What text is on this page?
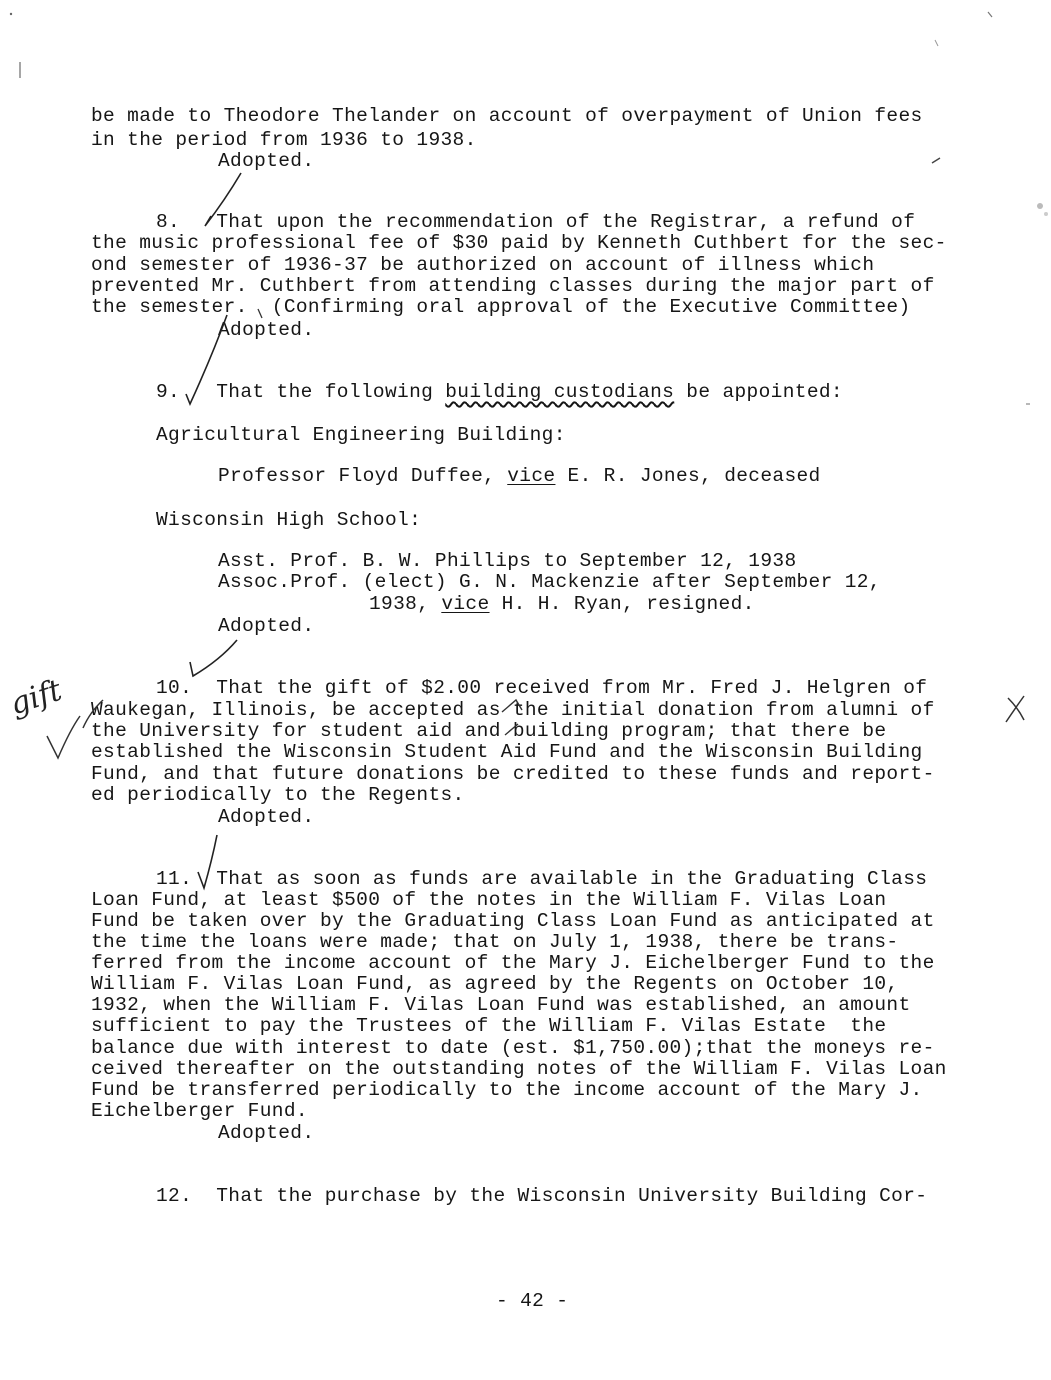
be made to Theodore Thelander on account of overpayment of Union fees
in the period from 1936 to 1938.
Adopted.
8.   That upon the recommendation of the Registrar, a refund of
the music professional fee of $30 paid by Kenneth Cuthbert for the sec-
ond semester of 1936-37 be authorized on account of illness which
prevented Mr. Cuthbert from attending classes during the major part of
the semester.  (Confirming oral approval of the Executive Committee)
Adopted.
9.   That the following building custodians be appointed:
Agricultural Engineering Building:
Professor Floyd Duffee, vice E. R. Jones, deceased
Wisconsin High School:
Asst. Prof. B. W. Phillips to September 12, 1938
Assoc.Prof. (elect) G. N. Mackenzie after September 12,
1938, vice H. H. Ryan, resigned.
Adopted.
10.  That the gift of $2.00 received from Mr. Fred J. Helgren of
Waukegan, Illinois, be accepted as the initial donation from alumni of
the University for student aid and building program; that there be
established the Wisconsin Student Aid Fund and the Wisconsin Building
Fund, and that future donations be credited to these funds and report-
ed periodically to the Regents.
Adopted.
11.  That as soon as funds are available in the Graduating Class
Loan Fund, at least $500 of the notes in the William F. Vilas Loan
Fund be taken over by the Graduating Class Loan Fund as anticipated at
the time the loans were made; that on July 1, 1938, there be trans-
ferred from the income account of the Mary J. Eichelberger Fund to the
William F. Vilas Loan Fund, as agreed by the Regents on October 10,
1932, when the William F. Vilas Loan Fund was established, an amount
sufficient to pay the Trustees of the William F. Vilas Estate  the
balance due with interest to date (est. $1,750.00);that the moneys re-
ceived thereafter on the outstanding notes of the William F. Vilas Loan
Fund be transferred periodically to the income account of the Mary J.
Eichelberger Fund.
Adopted.
12.  That the purchase by the Wisconsin University Building Cor-
- 42 -
gift
